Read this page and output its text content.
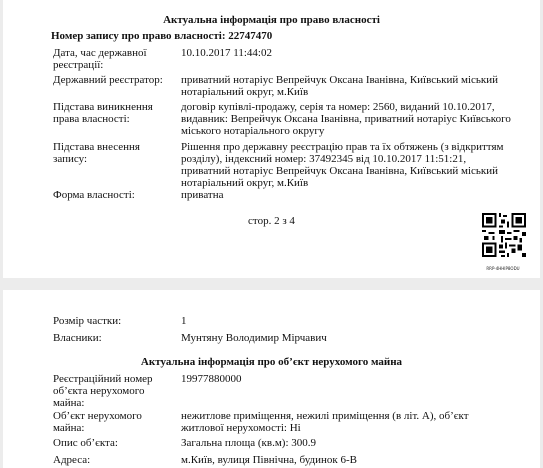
Актуальна інформація про право власності
Номер запису про право власності: 22747470
Дата, час державної реєстрації:
10.10.2017 11:44:02
Державний реєстратор:	приватний нотаріус Вепрейчук Оксана Іванівна, Київський міський нотаріальний округ, м.Київ
Підстава виникнення права власності:
договір купівлі-продажу, серія та номер: 2560, виданий 10.10.2017, видавник: Вепрейчук Оксана Іванівна, приватний нотаріус Київського міського нотаріального округу
Підстава внесення запису:
Рішення про державну реєстрацію прав та їх обтяжень (з відкриттям розділу), індексний номер: 37492345 від 10.10.2017 11:51:21, приватний нотаріус Вепрейчук Оксана Іванівна, Київський міський нотаріальний округ, м.Київ
Форма власності:	приватна
стор. 2 з 4
RRP-4HHIP8ODU
Розмір частки:	1
Власники:	Мунтяну Володимир Мірчавич
Актуальна інформація про об’єкт нерухомого майна
Реєстраційний номер об’єкта нерухомого майна:
19977880000
Об’єкт нерухомого майна:
нежитлове приміщення, нежилі приміщення (в літ. А), об’єкт житлової нерухомості: Ні
Опис об’єкта:	Загальна площа (кв.м): 300.9
Адреса:	м.Київ, вулиця Північна, будинок 6-В
